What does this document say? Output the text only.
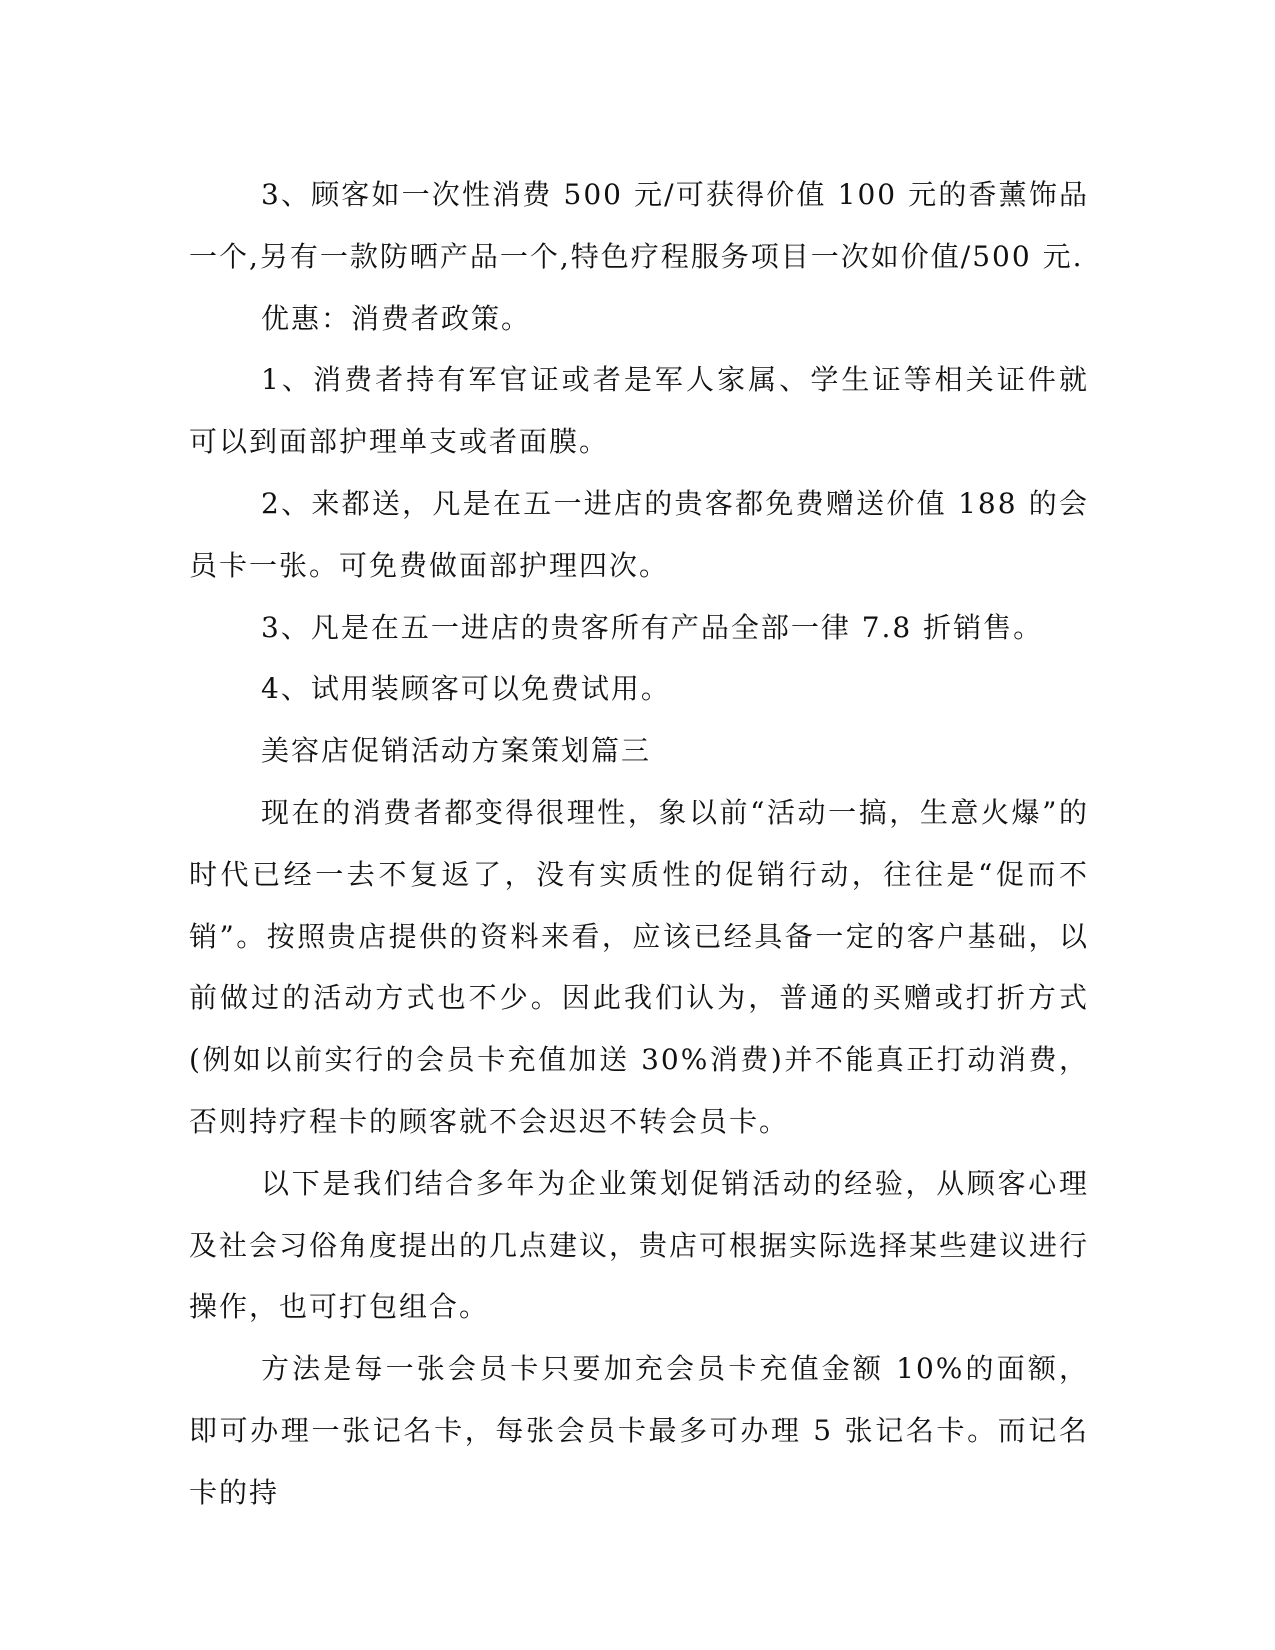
3、顾客如一次性消费 500 元/可获得价值 100 元的香薰饰品一个,另有一款防晒产品一个,特色疗程服务项目一次如价值/500 元.

优惠：消费者政策。

1、消费者持有军官证或者是军人家属、学生证等相关证件就可以到面部护理单支或者面膜。

2、来都送，凡是在五一进店的贵客都免费赠送价值 188 的会员卡一张。可免费做面部护理四次。

3、凡是在五一进店的贵客所有产品全部一律 7.8 折销售。

4、试用装顾客可以免费试用。

美容店促销活动方案策划篇三

现在的消费者都变得很理性，象以前“活动一搞，生意火爆”的时代已经一去不复返了，没有实质性的促销行动，往往是“促而不销”。按照贵店提供的资料来看，应该已经具备一定的客户基础，以前做过的活动方式也不少。因此我们认为，普通的买赠或打折方式(例如以前实行的会员卡充值加送 30%消费)并不能真正打动消费，否则持疗程卡的顾客就不会迟迟不转会员卡。

以下是我们结合多年为企业策划促销活动的经验，从顾客心理及社会习俗角度提出的几点建议，贵店可根据实际选择某些建议进行操作，也可打包组合。

方法是每一张会员卡只要加充会员卡充值金额 10%的面额，即可办理一张记名卡，每张会员卡最多可办理 5 张记名卡。而记名卡的持
